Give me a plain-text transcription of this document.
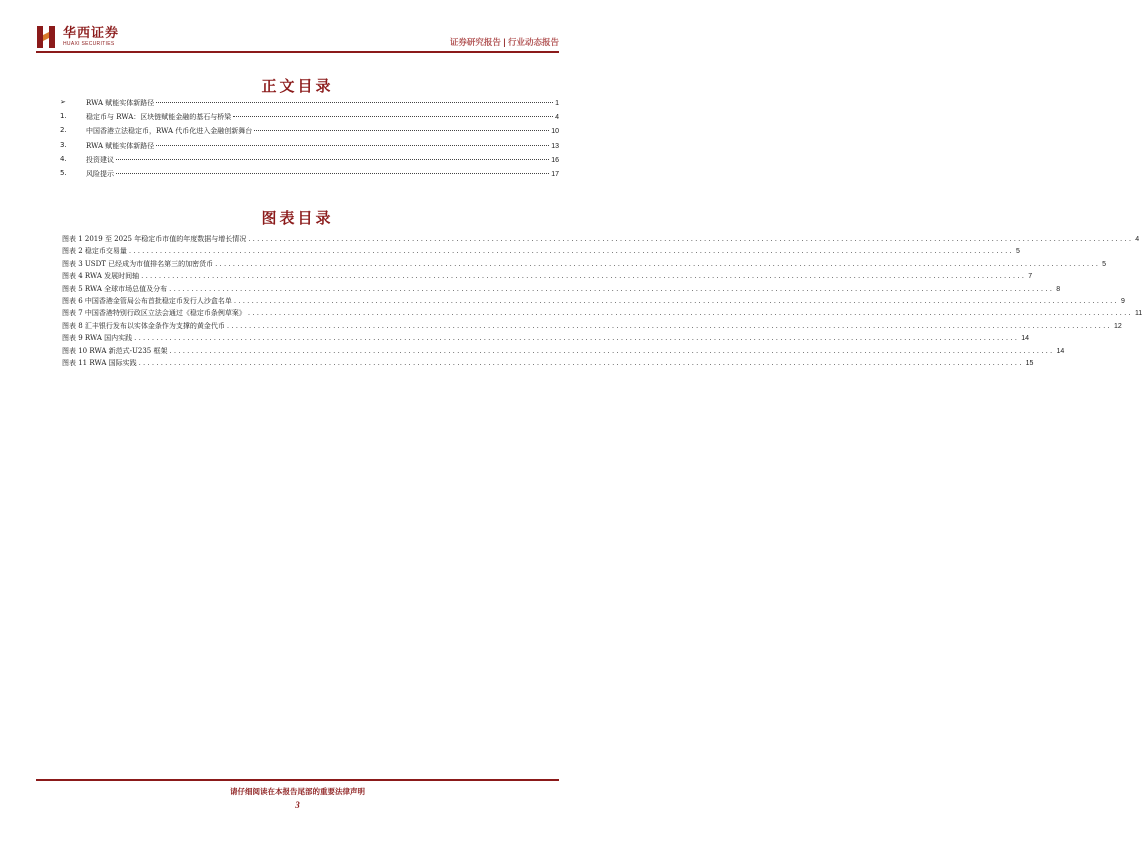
华西证券
HUAXI SECURITIES	证券研究报告 | 行业动态报告
正文目录
➢	RWA 赋能实体新路径	1
1.	稳定币与 RWA：区块链赋能金融的基石与桥梁	4
2.	中国香港立法稳定币，RWA 代币化进入金融创新舞台	10
3.	RWA 赋能实体新路径	13
4.	投资建议	16
5.	风险提示	17
图表目录
图表 1 2019 至 2025 年稳定币市值的年度数据与增长情况 ........................................................................................................................................................................................................ 4
图表 2 稳定币交易量 ........................................................................................................................................................................................................ 5
图表 3 USDT 已经成为市值排名第三的加密货币 ........................................................................................................................................................................................................ 5
图表 4 RWA 发展时间轴 ........................................................................................................................................................................................................ 7
图表 5 RWA 全球市场总值及分布 ........................................................................................................................................................................................................ 8
图表 6 中国香港金管局公布首批稳定币发行人沙盒名单 ........................................................................................................................................................................................................ 9
图表 7 中国香港特别行政区立法会通过《稳定币条例草案》 ........................................................................................................................................................................................................ 11
图表 8 汇丰银行发布以实体金条作为支撑的黄金代币 ........................................................................................................................................................................................................ 12
图表 9 RWA 国内实践 ........................................................................................................................................................................................................ 14
图表 10 RWA 新范式-U235 框架 ........................................................................................................................................................................................................ 14
图表 11 RWA 国际实践 ........................................................................................................................................................................................................ 15
请仔细阅读在本报告尾部的重要法律声明
3
